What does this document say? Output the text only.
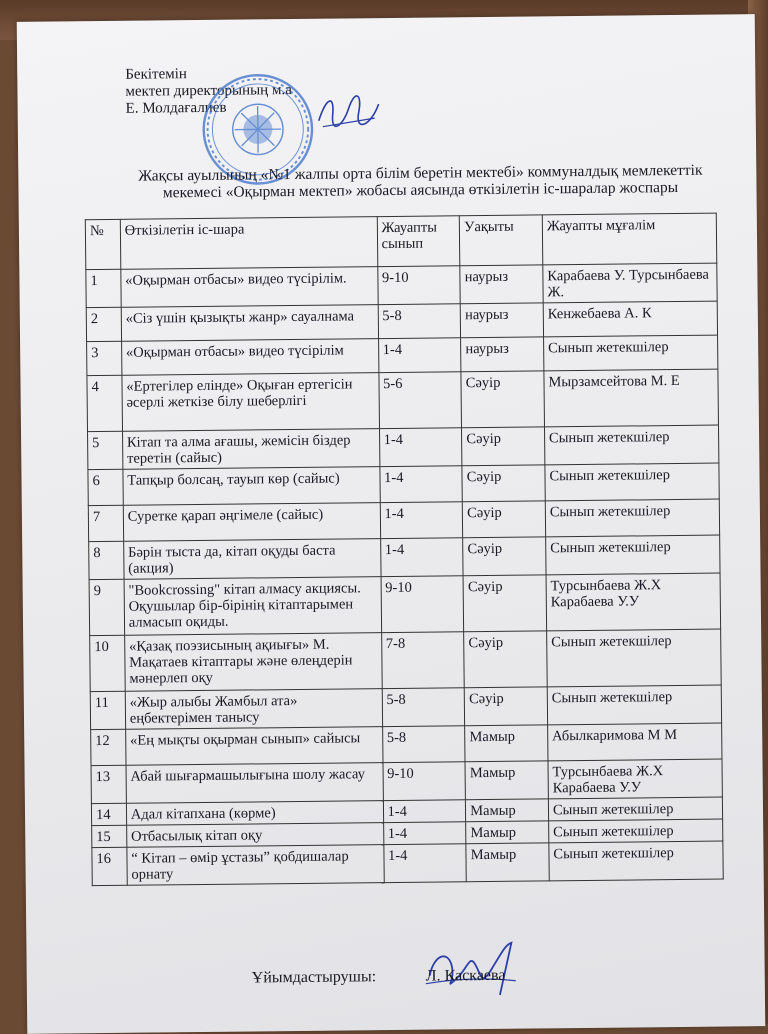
Бекітемін
мектеп директорының м.а
Е. Молдағалиев
Жақсы ауылының «№1 жалпы орта білім беретін мектебі» коммуналдық мемлекеттік мекемесі «Оқырман мектеп» жобасы аясында өткізілетін іс-шаралар жоспары
№	Өткізілетін іс-шара	Жауапты сынып	Уақыты	Жауапты мұғалім
1	«Оқырман отбасы» видео түсірілім.	9-10	наурыз	Карабаева У. Турсынбаева Ж.
2	«Сіз үшін қызықты жанр» сауалнама	5-8	наурыз	Кенжебаева А. К
3	«Оқырман отбасы» видео түсірілім	1-4	наурыз	Сынып жетекшілер
4	«Ертегілер елінде» Оқыған ертегісін әсерлі жеткізе білу шеберлігі	5-6	Сәуір	Мырзамсейтова М. Е
5	Кітап та алма ағашы, жемісін біздер теретін (сайыс)	1-4	Сәуір	Сынып жетекшілер
6	Тапқыр болсаң, тауып көр (сайыс)	1-4	Сәуір	Сынып жетекшілер
7	Суретке қарап әңгімеле (сайыс)	1-4	Сәуір	Сынып жетекшілер
8	Бәрін тыста да, кітап оқуды баста (акция)	1-4	Сәуір	Сынып жетекшілер
9	"Bookcrossing" кітап алмасу акциясы. Оқушылар бір-бірінің кітаптарымен алмасып оқиды.	9-10	Сәуір	Турсынбаева Ж.Х Карабаева У.У
10	«Қазақ поэзисының ақиығы» М. Мақатаев кітаптары және өлеңдерін мәнерлеп оқу	7-8	Сәуір	Сынып жетекшілер
11	«Жыр алыбы Жамбыл ата» еңбектерімен танысу	5-8	Сәуір	Сынып жетекшілер
12	«Ең мықты оқырман сынып» сайысы	5-8	Мамыр	Абылкаримова М М
13	Абай шығармашылығына шолу жасау	9-10	Мамыр	Турсынбаева Ж.Х Карабаева У.У
14	Адал кітапхана (көрме)	1-4	Мамыр	Сынып жетекшілер
15	Отбасылық кітап оқу	1-4	Мамыр	Сынып жетекшілер
16	“ Кітап – өмір ұстазы” қобдишалар орнату	1-4	Мамыр	Сынып жетекшілер
Ұйымдастырушы:	Л. Каскаева
